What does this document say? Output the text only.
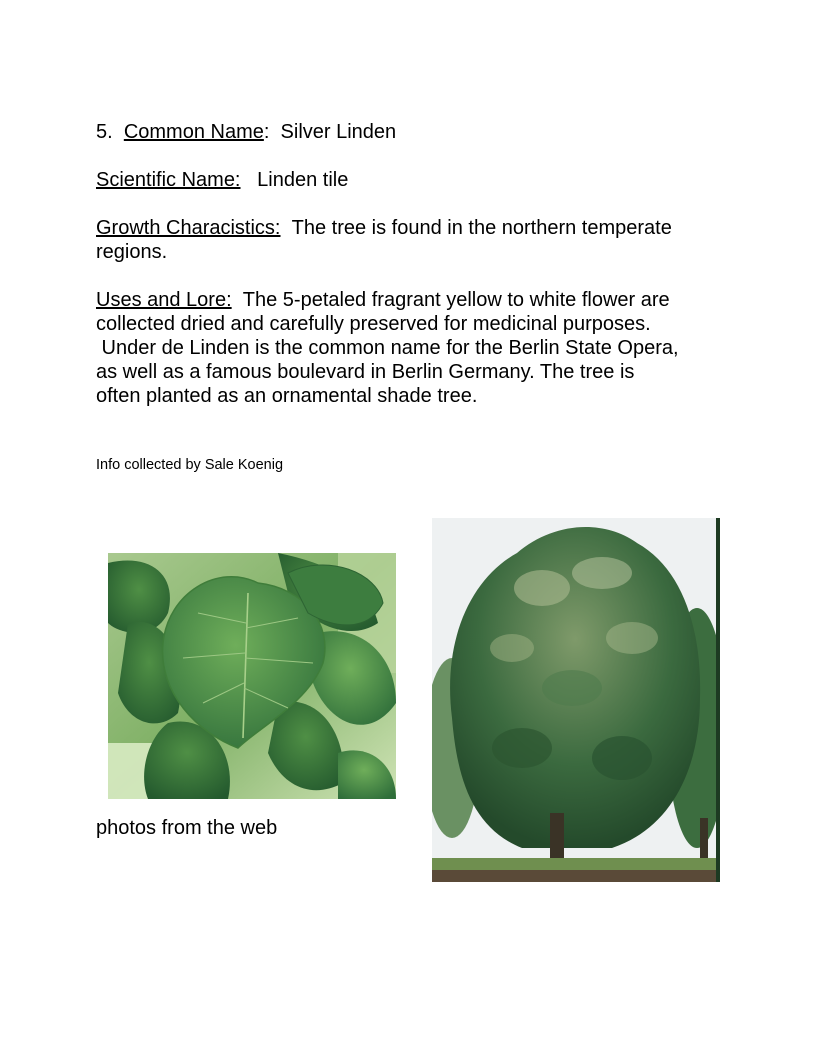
5. Common Name:  Silver Linden

Scientific Name: Linden tile

Growth Characistics: The tree is found in the northern temperate

regions.

Uses and Lore: The 5-petaled fragrant yellow to white flower are

collected dried and carefully preserved for medicinal purposes.

Under de Linden is the common name for the Berlin State Opera,

as well as a famous boulevard in Berlin Germany. The tree is

often planted as an ornamental shade tree.

Info collected by Sale Koenig
photos from the web
